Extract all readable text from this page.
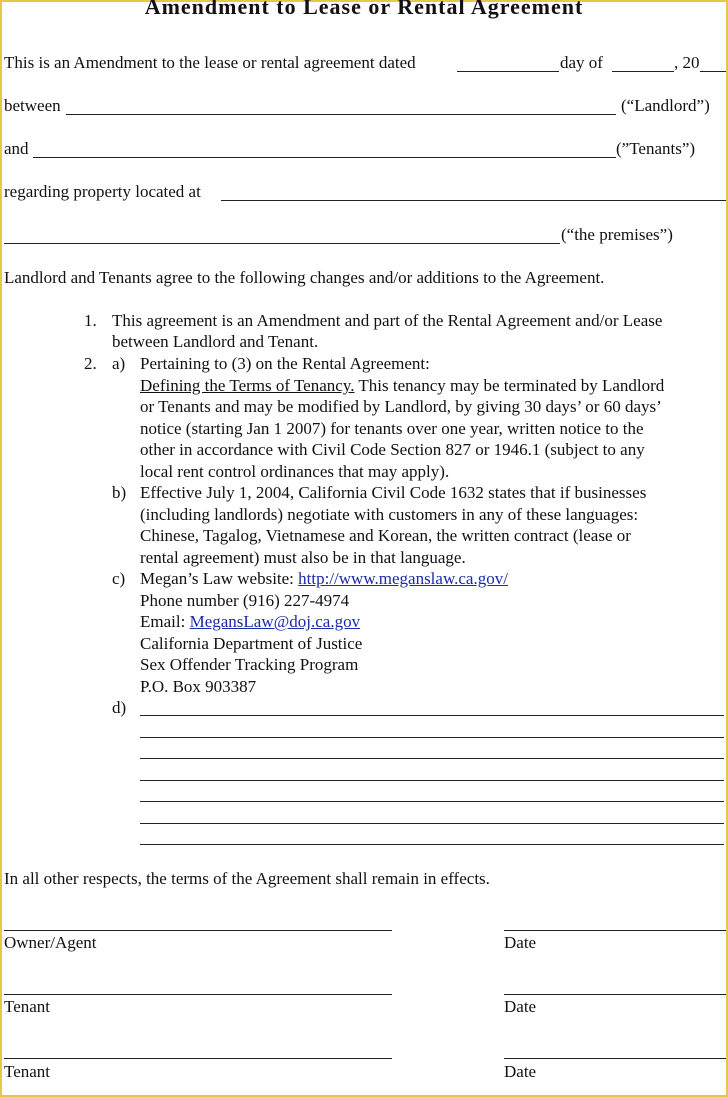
Amendment to Lease or Rental Agreement
This is an Amendment to the lease or rental agreement dated	day of	, 20
between	(“Landlord”)
and	(”Tenants”)
regarding property located at
(“the premises”)
Landlord and Tenants agree to the following changes and/or additions to the Agreement.
1. This agreement is an Amendment and part of the Rental Agreement and/or Lease
between Landlord and Tenant.
2. a) Pertaining to (3) on the Rental Agreement:
Defining the Terms of Tenancy. This tenancy may be terminated by Landlord
or Tenants and may be modified by Landlord, by giving 30 days’ or 60 days’
notice (starting Jan 1 2007) for tenants over one year, written notice to the
other in accordance with Civil Code Section 827 or 1946.1 (subject to any
local rent control ordinances that may apply).
b) Effective July 1, 2004, California Civil Code 1632 states that if businesses
(including landlords) negotiate with customers in any of these languages:
Chinese, Tagalog, Vietnamese and Korean, the written contract (lease or
rental agreement) must also be in that language.
c) Megan’s Law website: http://www.meganslaw.ca.gov/
Phone number (916) 227-4974
Email: MegansLaw@doj.ca.gov
California Department of Justice
Sex Offender Tracking Program
P.O. Box 903387
d)
In all other respects, the terms of the Agreement shall remain in effects.
Owner/Agent	Date
Tenant	Date
Tenant	Date
